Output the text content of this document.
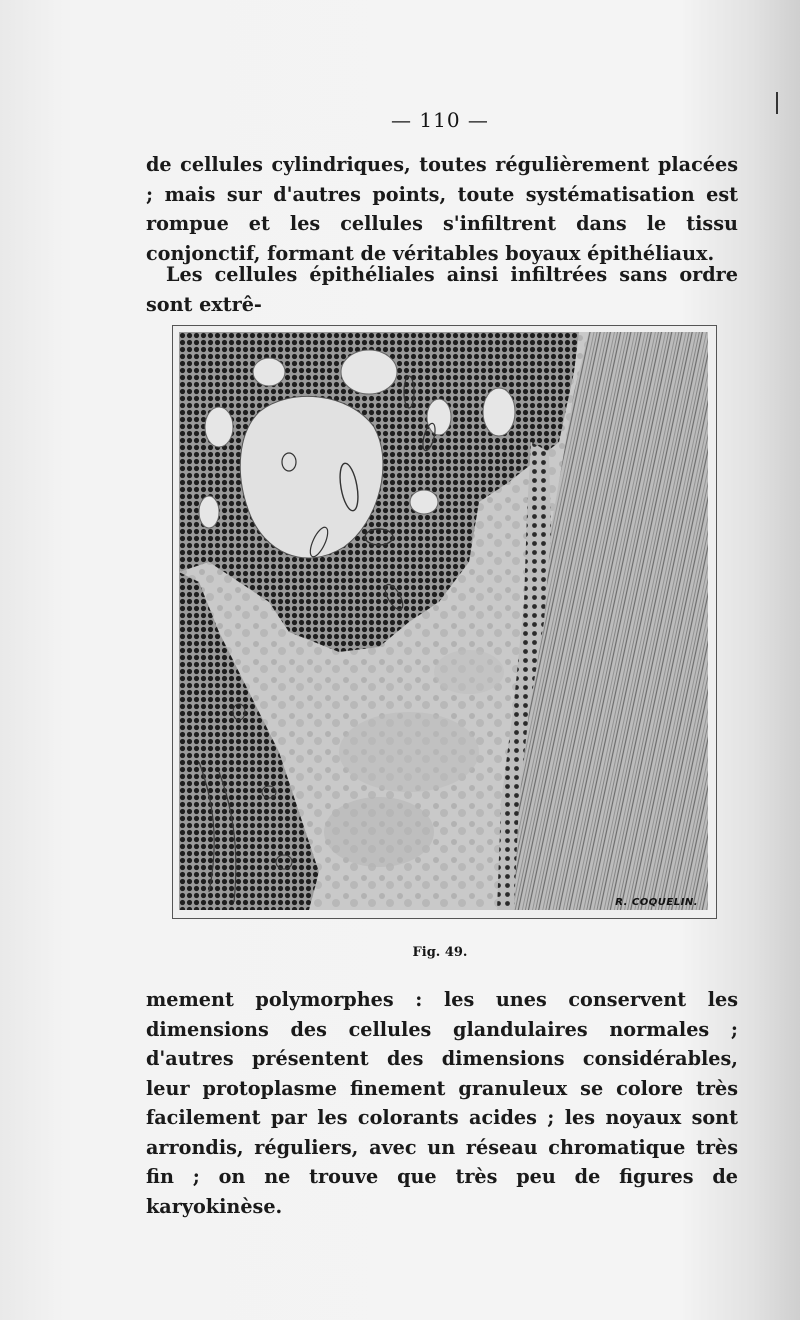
— 110 —

de cellules cylindriques, toutes régulièrement placées ; mais sur d'autres points, toute systématisation est rompue et les cellules s'infiltrent dans le tissu conjonctif, formant de véritables boyaux épithéliaux.

Les cellules épithéliales ainsi infiltrées sans ordre sont extrê-

R. COQUELIN.
Fig. 49.

mement polymorphes : les unes conservent les dimensions des cellules glandulaires normales ; d'autres présentent des dimensions considérables, leur protoplasme finement granuleux se colore très facilement par les colorants acides ; les noyaux sont arrondis, réguliers, avec un réseau chromatique très fin ; on ne trouve que très peu de figures de karyokinèse.
